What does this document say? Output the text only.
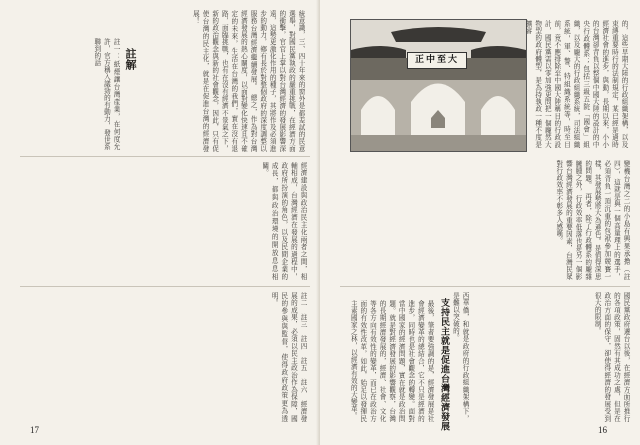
統意識，三、四十年來的窗外是都差試的民意選舉，對國民黨執政的嚴重挑戰，在經濟方面的衝擊，官官上掌以對台灣經濟的發展影響深遠，這勢更激化作用的種子，其將作及必須進步的動力，鄉有長於對整個政府的深度調整以服務台灣經濟繼續發展。　總之，作為對台灣經濟發展的熱心關度，以面對變化快速且不確定的未來，生活在台灣的我們，實在沒有退路，面臨挑戰，也有在沒有經濟不景氣之下，新的政治觀念與新的社會觀念，因此，只有促使台灣的民主化，就是在促進台灣的經濟發展！
註解
註一：紙煙讓台灣產業，在何度允許，官方稱入議勁的有動力，發世系聯到的話
經濟建設與政治民主化兩者之間，相輔相成，台灣經濟在發展的過程中，政府所扮演的角色，以及民間企業的成長，都與政治環境的開放息息相關。
註二　註三　註四　註五　註六　經濟發展的成果，必須以民主政治作為保障，國民的參與與監督，使得政府政策更為透明。
17
正中至大	的，這些早期大陸的行政組織架構，以及束縛重要時行的法制規定，某已經是過時經濟社會的進步，與動，長期以來，小小的台灣卻背負以整個中國大陸的設計的中央行政體系；包括三級五院「國會」組織，以及龐大的行政組織系統，司法組織系統，軍、警、特組織系統等，時至目前，竟不應排除至中國大陸稱目的行政設計，國民黨需以零加強更問把一個龐然大物型的政府體型，是為持執政一種不度是擴審
變機台灣之二的小島有興果承擔（註四），這就是與一個高量理上的選手，必須背負一頂沉重的包袱參加競賽一樣，其發展勢將大為遜色。是值得深思的問題。　再者，除了行政體系的龐雜臃腫之外，行政效率低落也是另一個影響台灣經濟發展的重要因素，台灣民眾對行政效率不彰多人感嘆。
國民黨政府遷台以後，在經濟方面所推行的各項政策，固然有其成功之處，但是在政治方面的保守，卻使得經濟的發展受到很大的限制。
西華僑，和就是政府的行政組織架構下，是難以突破的。
支持民主就是促進台灣經濟發展
最後，筆者要強調的是，經濟發展是社會經濟變革的總結合，它不只是經濟的進步，同時也是社會觀念的轉變。面對當中國家的經濟問題，實在就是政治問題。就是對經濟發展的影響觀察，台灣的長期經濟發展的，經濟、社會、文化等各方向有效性的變革，而已在政治方面的有效性改革，如此，始足以發揮民主素國家之林，以經濟有效的大變革。
16
